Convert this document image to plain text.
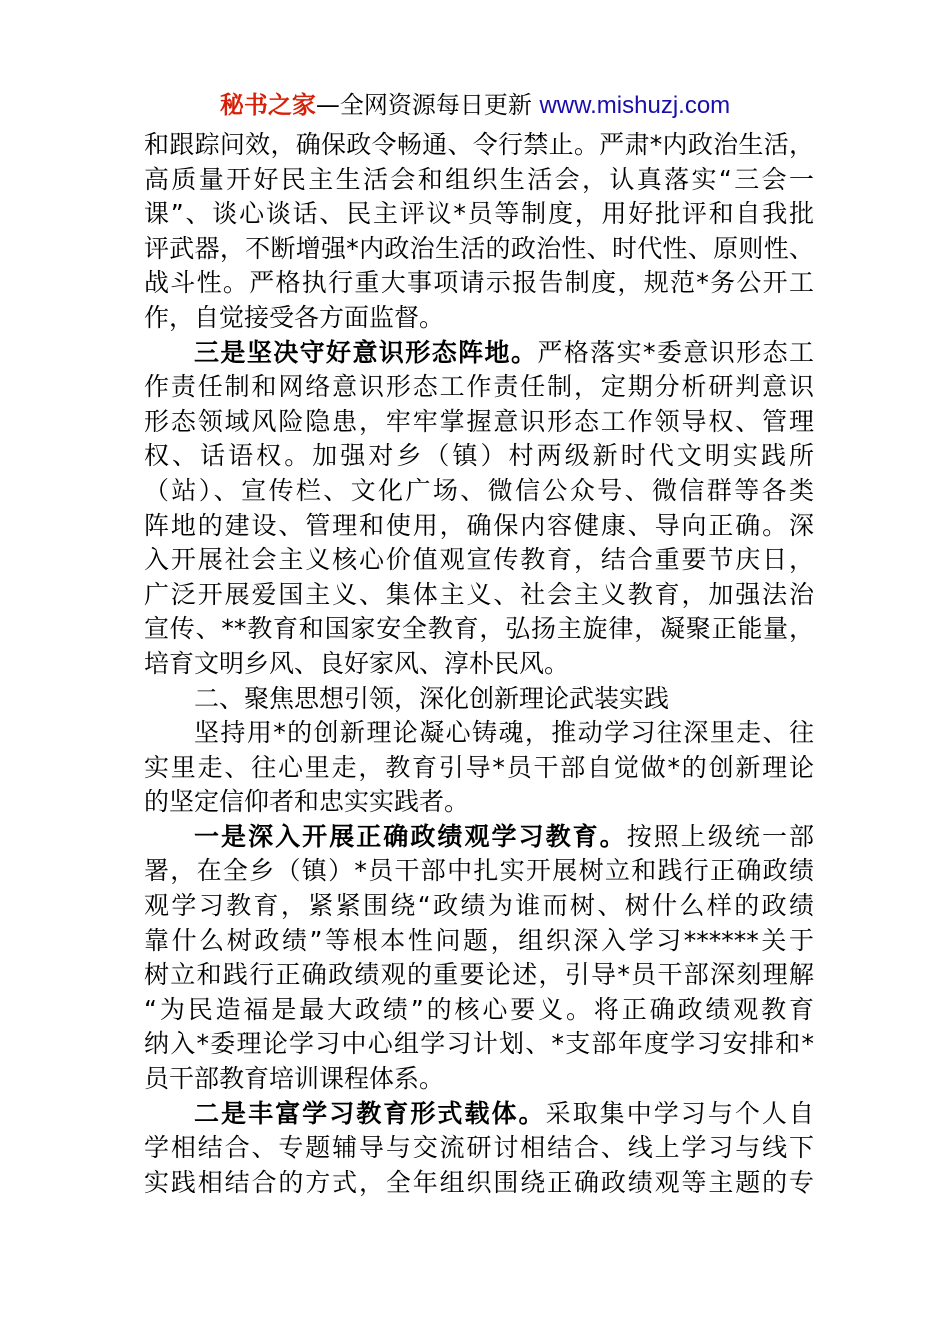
秘书之家—全网资源每日更新 www.mishuzj.com
和跟踪问效，确保政令畅通、令行禁止。严肃*内政治生活，
高质量开好民主生活会和组织生活会，认真落实“三会一
课”、谈心谈话、民主评议*员等制度，用好批评和自我批
评武器，不断增强*内政治生活的政治性、时代性、原则性、
战斗性。严格执行重大事项请示报告制度，规范*务公开工
作，自觉接受各方面监督。
三是坚决守好意识形态阵地。严格落实*委意识形态工
作责任制和网络意识形态工作责任制，定期分析研判意识
形态领域风险隐患，牢牢掌握意识形态工作领导权、管理
权、话语权。加强对乡（镇）村两级新时代文明实践所
（站）、宣传栏、文化广场、微信公众号、微信群等各类
阵地的建设、管理和使用，确保内容健康、导向正确。深
入开展社会主义核心价值观宣传教育，结合重要节庆日，
广泛开展爱国主义、集体主义、社会主义教育，加强法治
宣传、**教育和国家安全教育，弘扬主旋律，凝聚正能量，
培育文明乡风、良好家风、淳朴民风。
二、聚焦思想引领，深化创新理论武装实践
坚持用*的创新理论凝心铸魂，推动学习往深里走、往
实里走、往心里走，教育引导*员干部自觉做*的创新理论
的坚定信仰者和忠实实践者。
一是深入开展正确政绩观学习教育。按照上级统一部
署，在全乡（镇）*员干部中扎实开展树立和践行正确政绩
观学习教育，紧紧围绕“政绩为谁而树、树什么样的政绩
靠什么树政绩”等根本性问题，组织深入学习******关于
树立和践行正确政绩观的重要论述，引导*员干部深刻理解
“为民造福是最大政绩”的核心要义。将正确政绩观教育
纳入*委理论学习中心组学习计划、*支部年度学习安排和*
员干部教育培训课程体系。
二是丰富学习教育形式载体。采取集中学习与个人自
学相结合、专题辅导与交流研讨相结合、线上学习与线下
实践相结合的方式，全年组织围绕正确政绩观等主题的专
